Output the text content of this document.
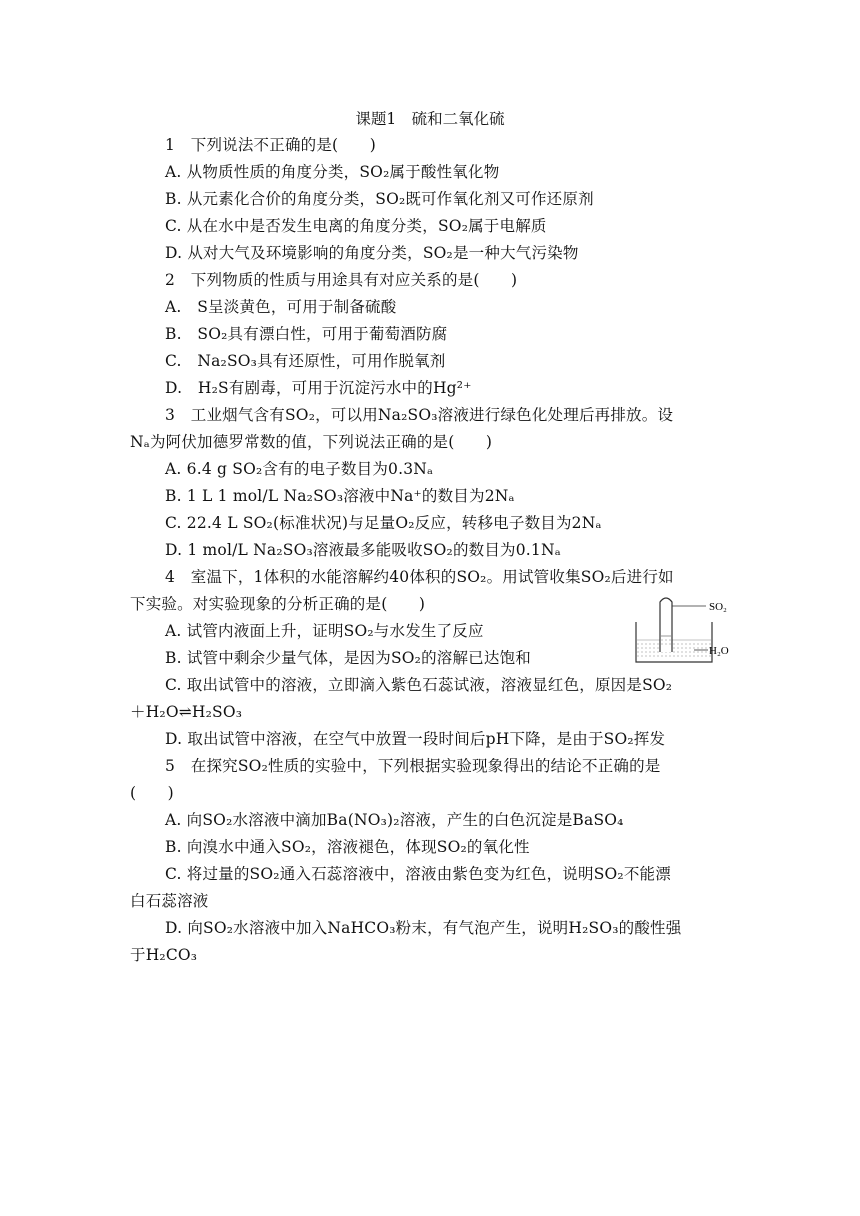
课题1　硫和二氧化硫
1　下列说法不正确的是(　　)
A. 从物质性质的角度分类，SO₂属于酸性氧化物
B. 从元素化合价的角度分类，SO₂既可作氧化剂又可作还原剂
C. 从在水中是否发生电离的角度分类，SO₂属于电解质
D. 从对大气及环境影响的角度分类，SO₂是一种大气污染物
2　下列物质的性质与用途具有对应关系的是(　　)
A.　S呈淡黄色，可用于制备硫酸
B.　SO₂具有漂白性，可用于葡萄酒防腐
C.　Na₂SO₃具有还原性，可用作脱氧剂
D.　H₂S有剧毒，可用于沉淀污水中的Hg²⁺
3　工业烟气含有SO₂，可以用Na₂SO₃溶液进行绿色化处理后再排放。设
Nₐ为阿伏加德罗常数的值，下列说法正确的是(　　)
A. 6.4 g SO₂含有的电子数目为0.3Nₐ
B. 1 L 1 mol/L Na₂SO₃溶液中Na⁺的数目为2Nₐ
C. 22.4 L SO₂(标准状况)与足量O₂反应，转移电子数目为2Nₐ
D. 1 mol/L Na₂SO₃溶液最多能吸收SO₂的数目为0.1Nₐ
4　室温下，1体积的水能溶解约40体积的SO₂。用试管收集SO₂后进行如
下实验。对实验现象的分析正确的是(　　)
A. 试管内液面上升，证明SO₂与水发生了反应
B. 试管中剩余少量气体，是因为SO₂的溶解已达饱和
C. 取出试管中的溶液，立即滴入紫色石蕊试液，溶液显红色，原因是SO₂
＋H₂O⇌H₂SO₃
D. 取出试管中溶液，在空气中放置一段时间后pH下降，是由于SO₂挥发
5　在探究SO₂性质的实验中，下列根据实验现象得出的结论不正确的是
(　　)
A. 向SO₂水溶液中滴加Ba(NO₃)₂溶液，产生的白色沉淀是BaSO₄
B. 向溴水中通入SO₂，溶液褪色，体现SO₂的氧化性
C. 将过量的SO₂通入石蕊溶液中，溶液由紫色变为红色，说明SO₂不能漂
白石蕊溶液
D. 向SO₂水溶液中加入NaHCO₃粉末，有气泡产生，说明H₂SO₃的酸性强
于H₂CO₃
SO₂
H₂O
